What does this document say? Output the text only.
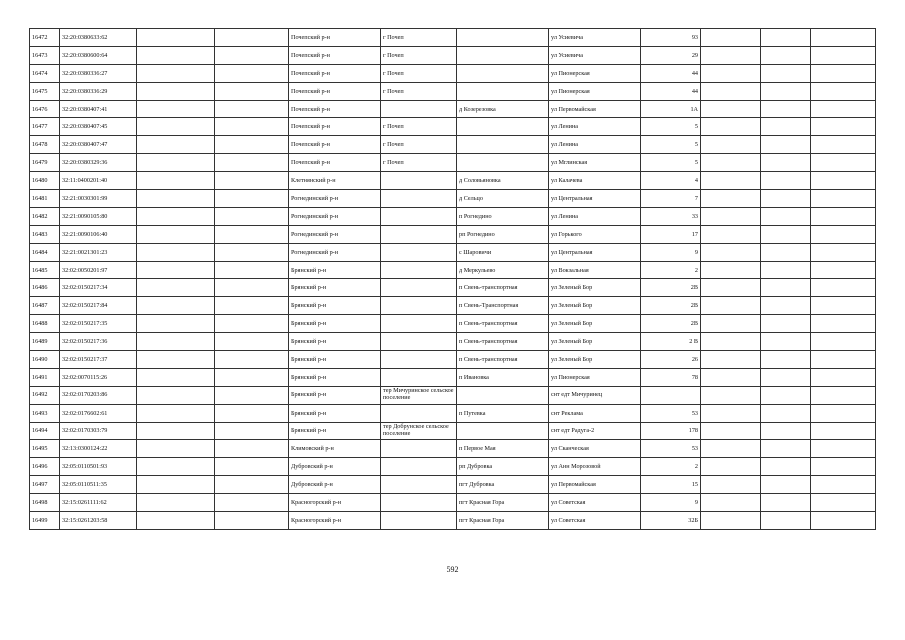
16472	32:20:0380633:62			Почепский р-н	г Почеп		ул Усиевича	93			
16473	32:20:0380600:64			Почепский р-н	г Почеп		ул Усиевича	29			
16474	32:20:0380336:27			Почепский р-н	г Почеп		ул Пионерская	44			
16475	32:20:0380336:29			Почепский р-н	г Почеп		ул Пионерская	44			
16476	32:20:0380407:41			Почепский р-н		д Козерезовка	ул Первомайская	1А			
16477	32:20:0380407:45			Почепский р-н	г Почеп		ул Ленина	5			
16478	32:20:0380407:47			Почепский р-н	г Почеп		ул Ленина	5			
16479	32:20:0380329:36			Почепский р-н	г Почеп		ул Мглинская	5			
16480	32:11:0400201:40			Клетнянский р-н		д Соловьяновка	ул Калачева	4			
16481	32:21:0030301:99			Рогнединский р-н		д Сельцо	ул Центральная	7			
16482	32:21:0090105:80			Рогнединский р-н		п Рогнедино	ул Ленина	33			
16483	32:21:0090106:40			Рогнединский р-н		рп Рогнедино	ул Горького	17			
16484	32:21:0021301:23			Рогнединский р-н		с Шаровичи	ул Центральная	9			
16485	32:02:0050201:97			Брянский р-н		д Меркульево	ул Вокзальная	2			
16486	32:02:0150217:34			Брянский р-н		п Свень-транспортная	ул Зеленый Бор	2В			
16487	32:02:0150217:84			Брянский р-н		п Свень-Транспортная	ул Зеленый Бор	2В			
16488	32:02:0150217:35			Брянский р-н		п Свень-транспортная	ул Зеленый Бор	2В			
16489	32:02:0150217:36			Брянский р-н		п Свень-транспортная	ул Зеленый Бор	2 В			
16490	32:02:0150217:37			Брянский р-н		п Свень-транспортная	ул Зеленый Бор	26			
16491	32:02:0070115:26			Брянский р-н		п Ивановка	ул Пионерская	78			
16492	32:02:0170203:86			Брянский р-н	тер Мичуринское сельское поселение		снт едт Мичуринец				
16493	32:02:0176602:61			Брянский р-н		п Путевка	снт Реклама	53			
16494	32:02:0170303:79			Брянский р-н	тер Добрунское сельское поселение		снт едт Радуга-2	178			
16495	32:13:0300124:22			Климовский р-н		п Первое Мая	ул Сканческая	53			
16496	32:05:0110501:93			Дубровский р-н		рп Дубровка	ул Анн Морозовой	2			
16497	32:05:0110511:35			Дубровский р-н		пгт Дубровка	ул Первомайская	15			
16498	32:15:0261111:62			Красногорский р-н		пгт Красная Гора	ул Советская	9			
16499	32:15:0261203:58			Красногорский р-н		пгт Красная Гора	ул Советская	32Б			
592
